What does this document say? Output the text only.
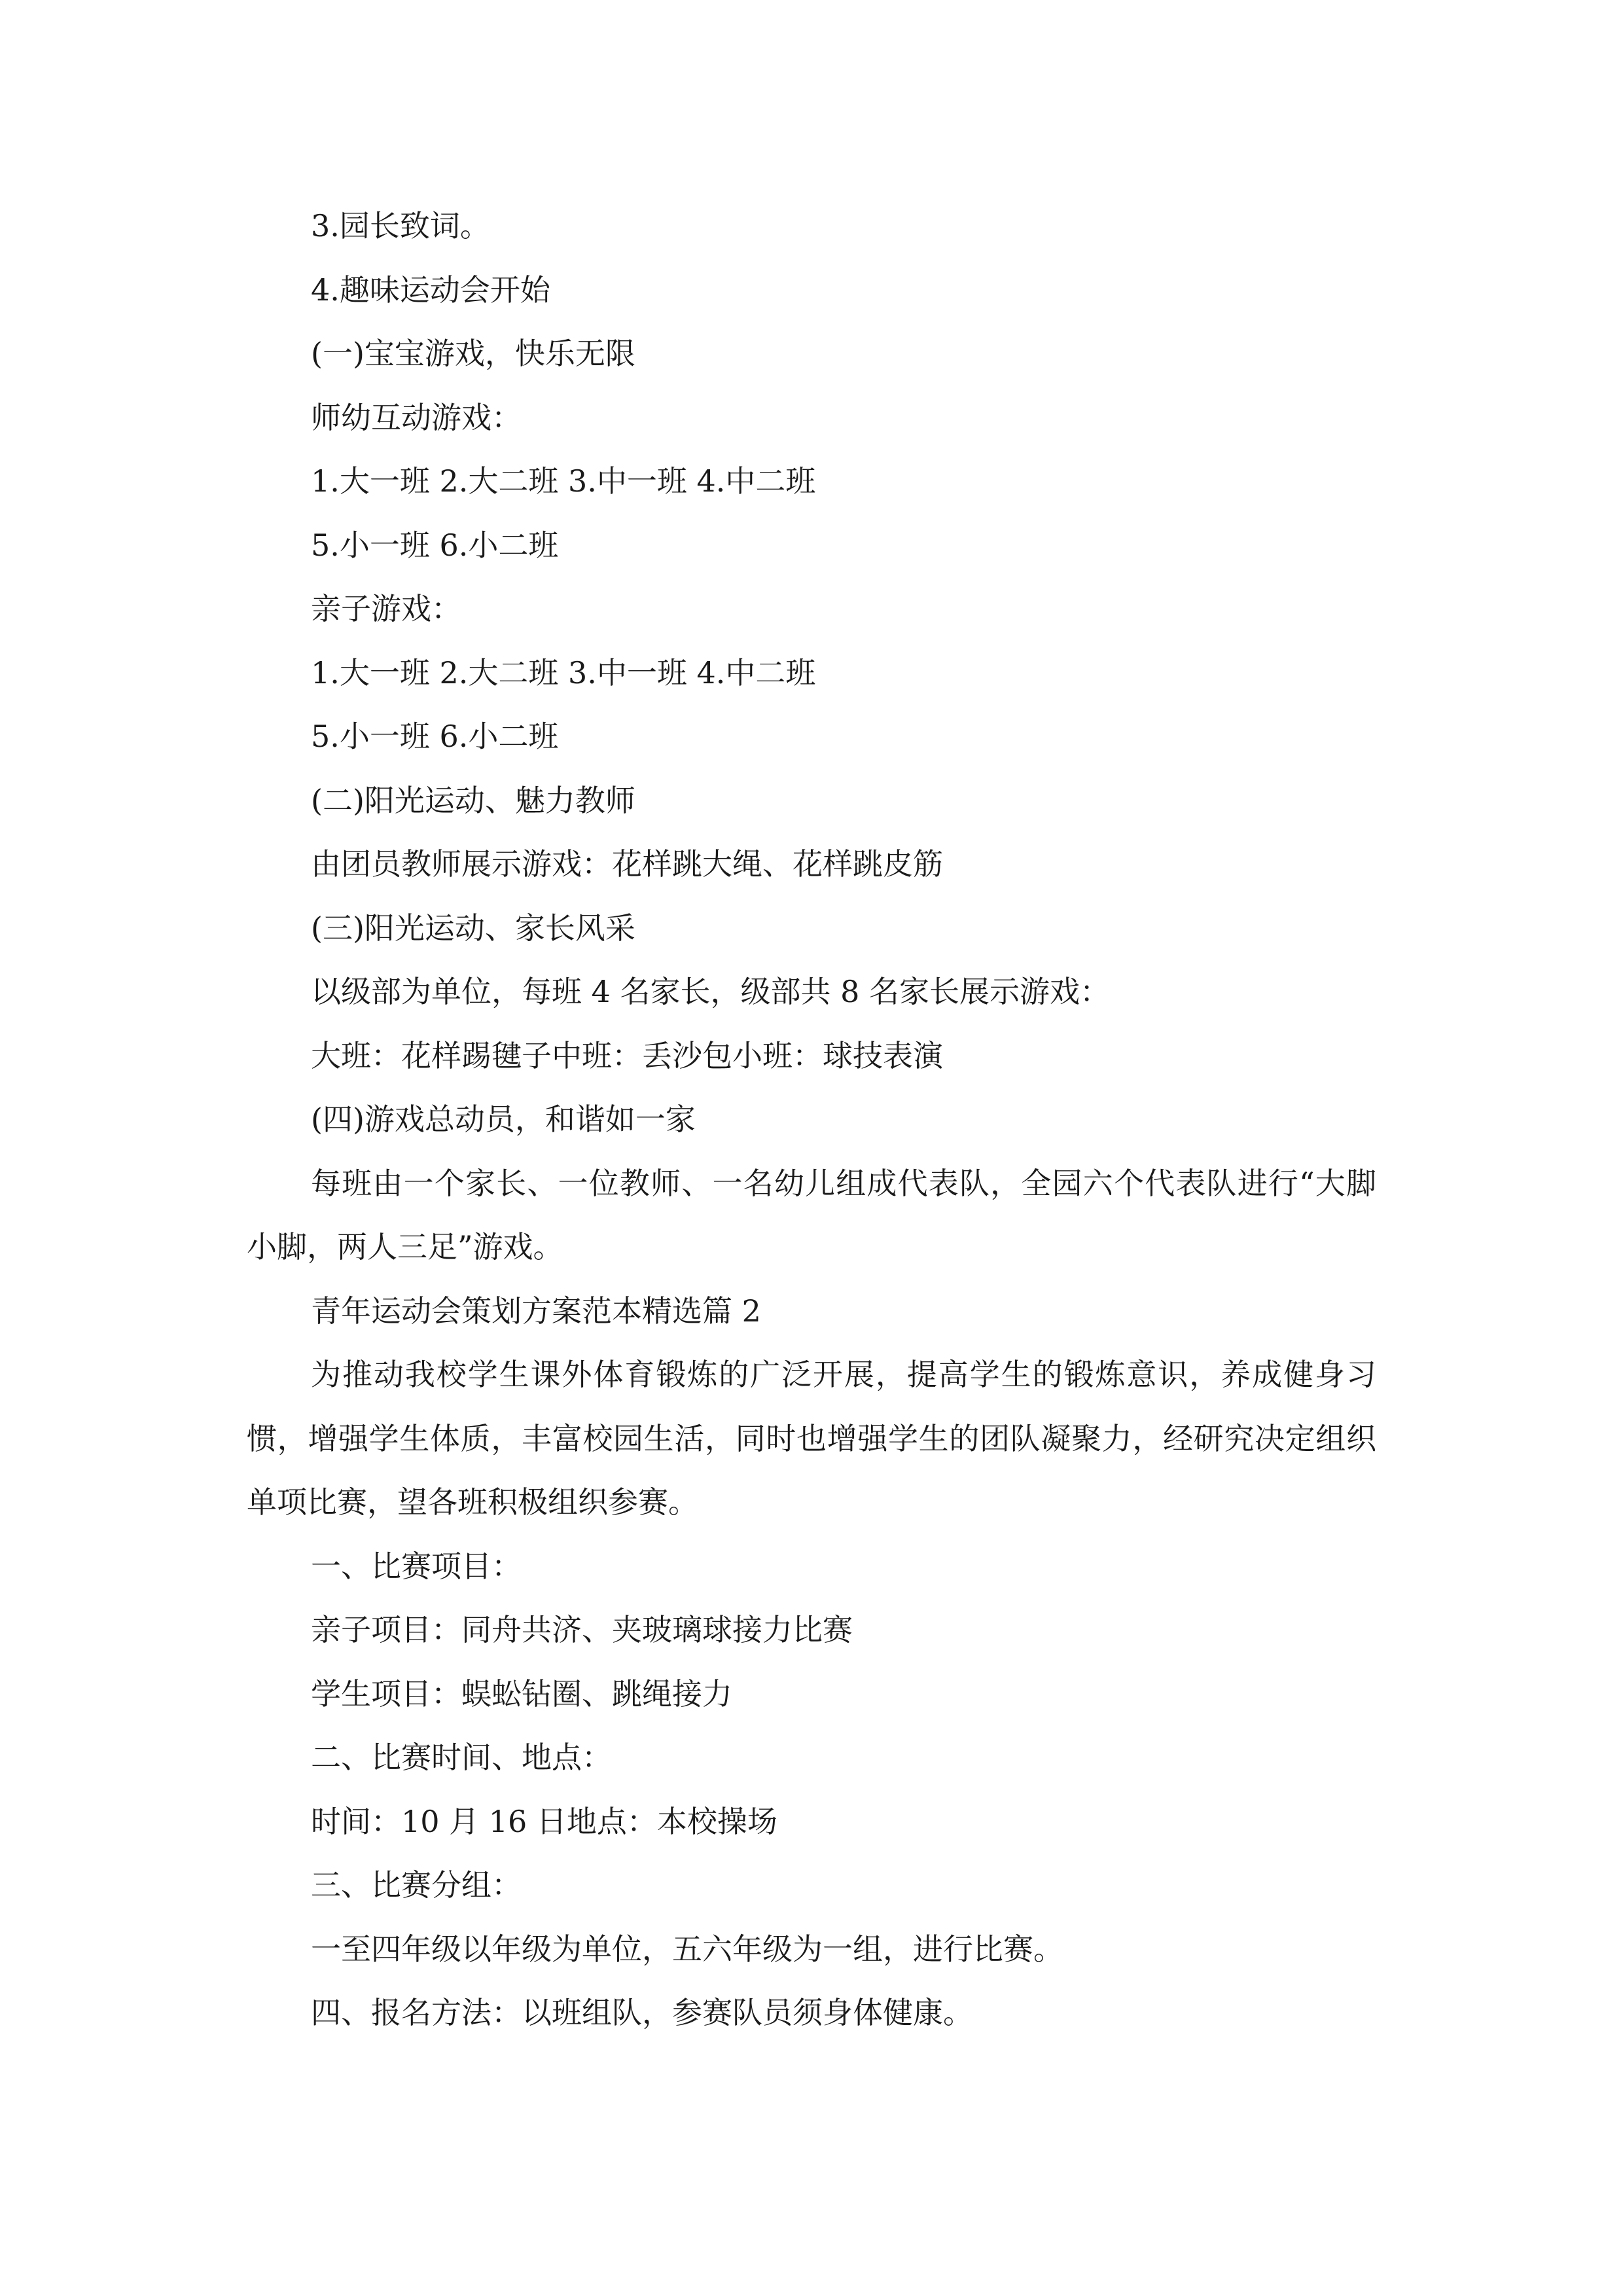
3.园长致词。
4.趣味运动会开始
(一)宝宝游戏，快乐无限
师幼互动游戏：
1.大一班 2.大二班 3.中一班 4.中二班
5.小一班 6.小二班
亲子游戏：
1.大一班 2.大二班 3.中一班 4.中二班
5.小一班 6.小二班
(二)阳光运动、魅力教师
由团员教师展示游戏：花样跳大绳、花样跳皮筋
(三)阳光运动、家长风采
以级部为单位，每班 4 名家长，级部共 8 名家长展示游戏：
大班：花样踢毽子中班：丢沙包小班：球技表演
(四)游戏总动员，和谐如一家

每班由一个家长、一位教师、一名幼儿组成代表队，全园六个代表队进行“大脚小脚，两人三足”游戏。

青年运动会策划方案范本精选篇 2

为推动我校学生课外体育锻炼的广泛开展，提高学生的锻炼意识，养成健身习惯，增强学生体质，丰富校园生活，同时也增强学生的团队凝聚力，经研究决定组织单项比赛，望各班积极组织参赛。

一、比赛项目：
亲子项目：同舟共济、夹玻璃球接力比赛
学生项目：蜈蚣钻圈、跳绳接力
二、比赛时间、地点：
时间：10 月 16 日地点：本校操场
三、比赛分组：
一至四年级以年级为单位，五六年级为一组，进行比赛。
四、报名方法：以班组队，参赛队员须身体健康。
